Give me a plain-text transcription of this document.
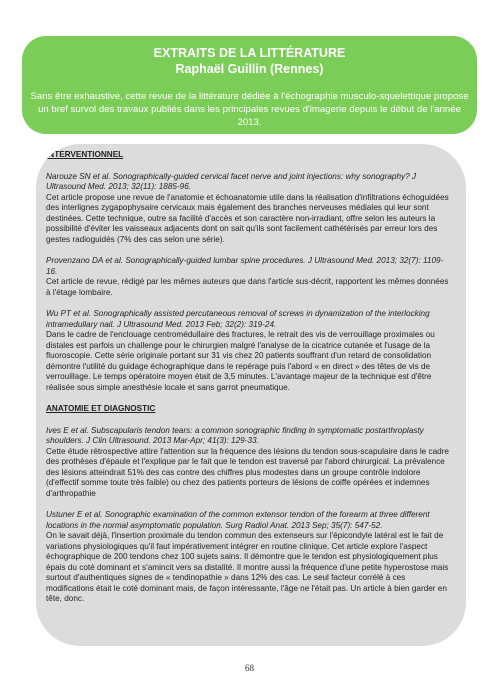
EXTRAITS DE LA LITTÉRATURE
Raphaël Guillin (Rennes)
Sans être exhaustive, cette revue de la littérature dédiée à l'échographie musculo-squelettique propose un bref survol des travaux publiés dans les principales revues d'imagerie depuis le début de l'année 2013.

INTERVENTIONNEL

Narouze SN et al. Sonographically-guided cervical facet nerve and joint injections: why sonography? J Ultrasound Med. 2013; 32(11): 1885-96.

Cet article propose une revue de l'anatomie et échoanatomie utile dans la réalisation d'infiltrations échoguidées des interlignes zygapophysaire cervicaux mais également des branches nerveuses médiales qui leur sont destinées. Cette technique, outre sa facilité d'accès et son caractère non-irradiant, offre selon les auteurs la possibilité d'éviter les vaisseaux adjacents dont on sait qu'ils sont facilement cathétérisés par erreur lors des gestes radioguidés (7% des cas selon une série).

Provenzano DA et al. Sonographically-guided lumbar spine procedures. J Ultrasound Med. 2013; 32(7): 1109-16.

Cet article de revue, rédigé par les mêmes auteurs que dans l'article sus-décrit, rapportent les mêmes données à l'étage lombaire.

Wu PT et al. Sonographically assisted percutaneous removal of screws in dynamization of the interlocking intramedullary nail. J Ultrasound Med. 2013 Feb; 32(2): 319-24.

Dans le cadre de l'enclouage centromédullaire des fractures, le retrait des vis de verrouillage proximales ou distales est parfois un challenge pour le chirurgien malgré l'analyse de la cicatrice cutanée et l'usage de la fluoroscopie. Cette série originale portant sur 31 vis chez 20 patients souffrant d'un retard de consolidation démontre l'utilité du guidage échographique dans le repérage puis l'abord « en direct » des têtes de vis de verrouillage. Le temps opératoire moyen était de 3,5 minutes. L'avantage majeur de la technique est d'être réalisée sous simple anesthésie locale et sans garrot pneumatique.

ANATOMIE ET DIAGNOSTIC

Ives E et al. Subscapularis tendon tears: a common sonographic finding in symptomatic postarthroplasty shoulders. J Clin Ultrasound. 2013 Mar-Apr; 41(3): 129-33.

Cette étude rétrospective attire l'attention sur la fréquence des lésions du tendon sous-scapulaire dans le cadre des prothèses d'épaule et l'explique par le fait que le tendon est traversé par l'abord chirurgical. La prévalence des lésions atteindrait 51% des cas contre des chiffres plus modestes dans un groupe contrôle indolore (d'effectif somme toute très faible) ou chez des patients porteurs de lésions de coiffe opérées et indemnes d'arthropathie

Ustuner E et al. Sonographic examination of the common extensor tendon of the forearm at three different locations in the normal asymptomatic population. Surg Radiol Anat. 2013 Sep; 35(7): 547-52.

On le savait déjà, l'insertion proximale du tendon commun des extenseurs sur l'épicondyle latéral est le fait de variations physiologiques qu'il faut impérativement intégrer en routine clinique. Cet article explore l'aspect échographique de 200 tendons chez 100 sujets sains. Il démontre que le tendon est physiologiquement plus épais du coté dominant et s'amincit vers sa distalité. Il montre aussi la fréquence d'une petite hyperostose mais surtout d'authentiques signes de « tendinopathie » dans 12% des cas. Le seul facteur corrélé à ces modifications était le coté dominant mais, de façon intéressante, l'âge ne l'était pas. Un article à bien garder en tête, donc.

68
